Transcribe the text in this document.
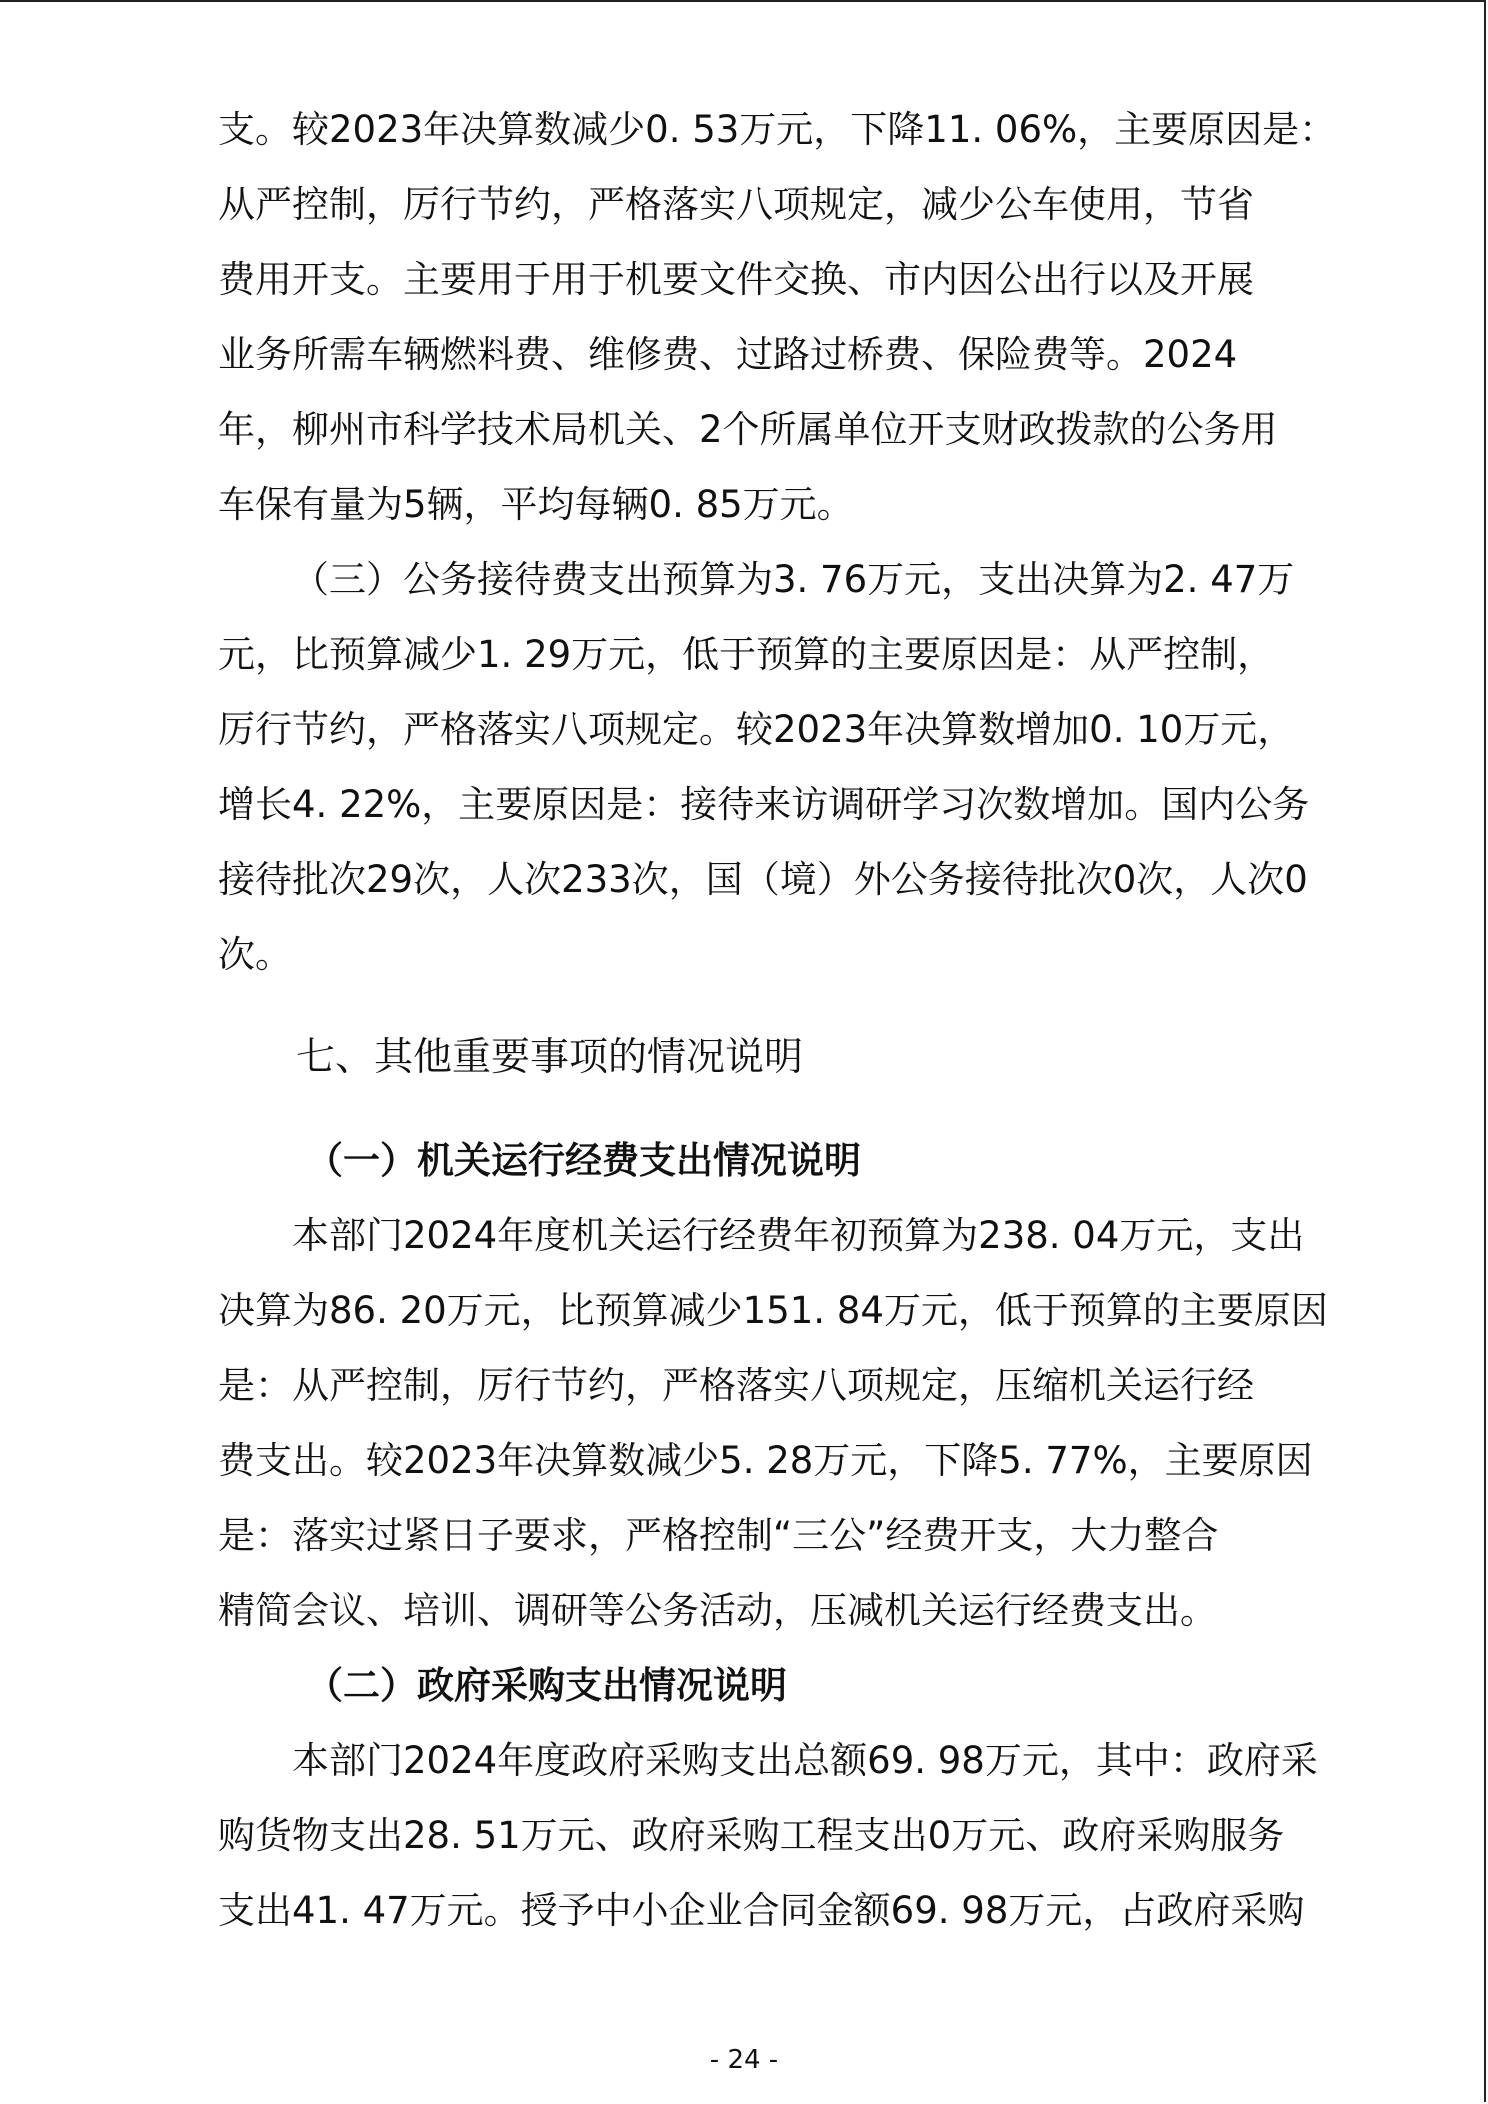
支。较2023年决算数减少0. 53万元，下降11. 06%，主要原因是：
从严控制，厉行节约，严格落实八项规定，减少公车使用，节省
费用开支。主要用于用于机要文件交换、市内因公出行以及开展
业务所需车辆燃料费、维修费、过路过桥费、保险费等。2024
年，柳州市科学技术局机关、2个所属单位开支财政拨款的公务用
车保有量为5辆，平均每辆0. 85万元。
（三）公务接待费支出预算为3. 76万元，支出决算为2. 47万
元，比预算减少1. 29万元，低于预算的主要原因是：从严控制，
厉行节约，严格落实八项规定。较2023年决算数增加0. 10万元，
增长4. 22%，主要原因是：接待来访调研学习次数增加。国内公务
接待批次29次，人次233次，国（境）外公务接待批次0次，人次0
次。
七、其他重要事项的情况说明
（一）机关运行经费支出情况说明
本部门2024年度机关运行经费年初预算为238. 04万元，支出
决算为86. 20万元，比预算减少151. 84万元，低于预算的主要原因
是：从严控制，厉行节约，严格落实八项规定，压缩机关运行经
费支出。较2023年决算数减少5. 28万元，下降5. 77%，主要原因
是：落实过紧日子要求，严格控制“三公”经费开支，大力整合
精简会议、培训、调研等公务活动，压减机关运行经费支出。
（二）政府采购支出情况说明
本部门2024年度政府采购支出总额69. 98万元，其中：政府采
购货物支出28. 51万元、政府采购工程支出0万元、政府采购服务
支出41. 47万元。授予中小企业合同金额69. 98万元，占政府采购
- 24 -
